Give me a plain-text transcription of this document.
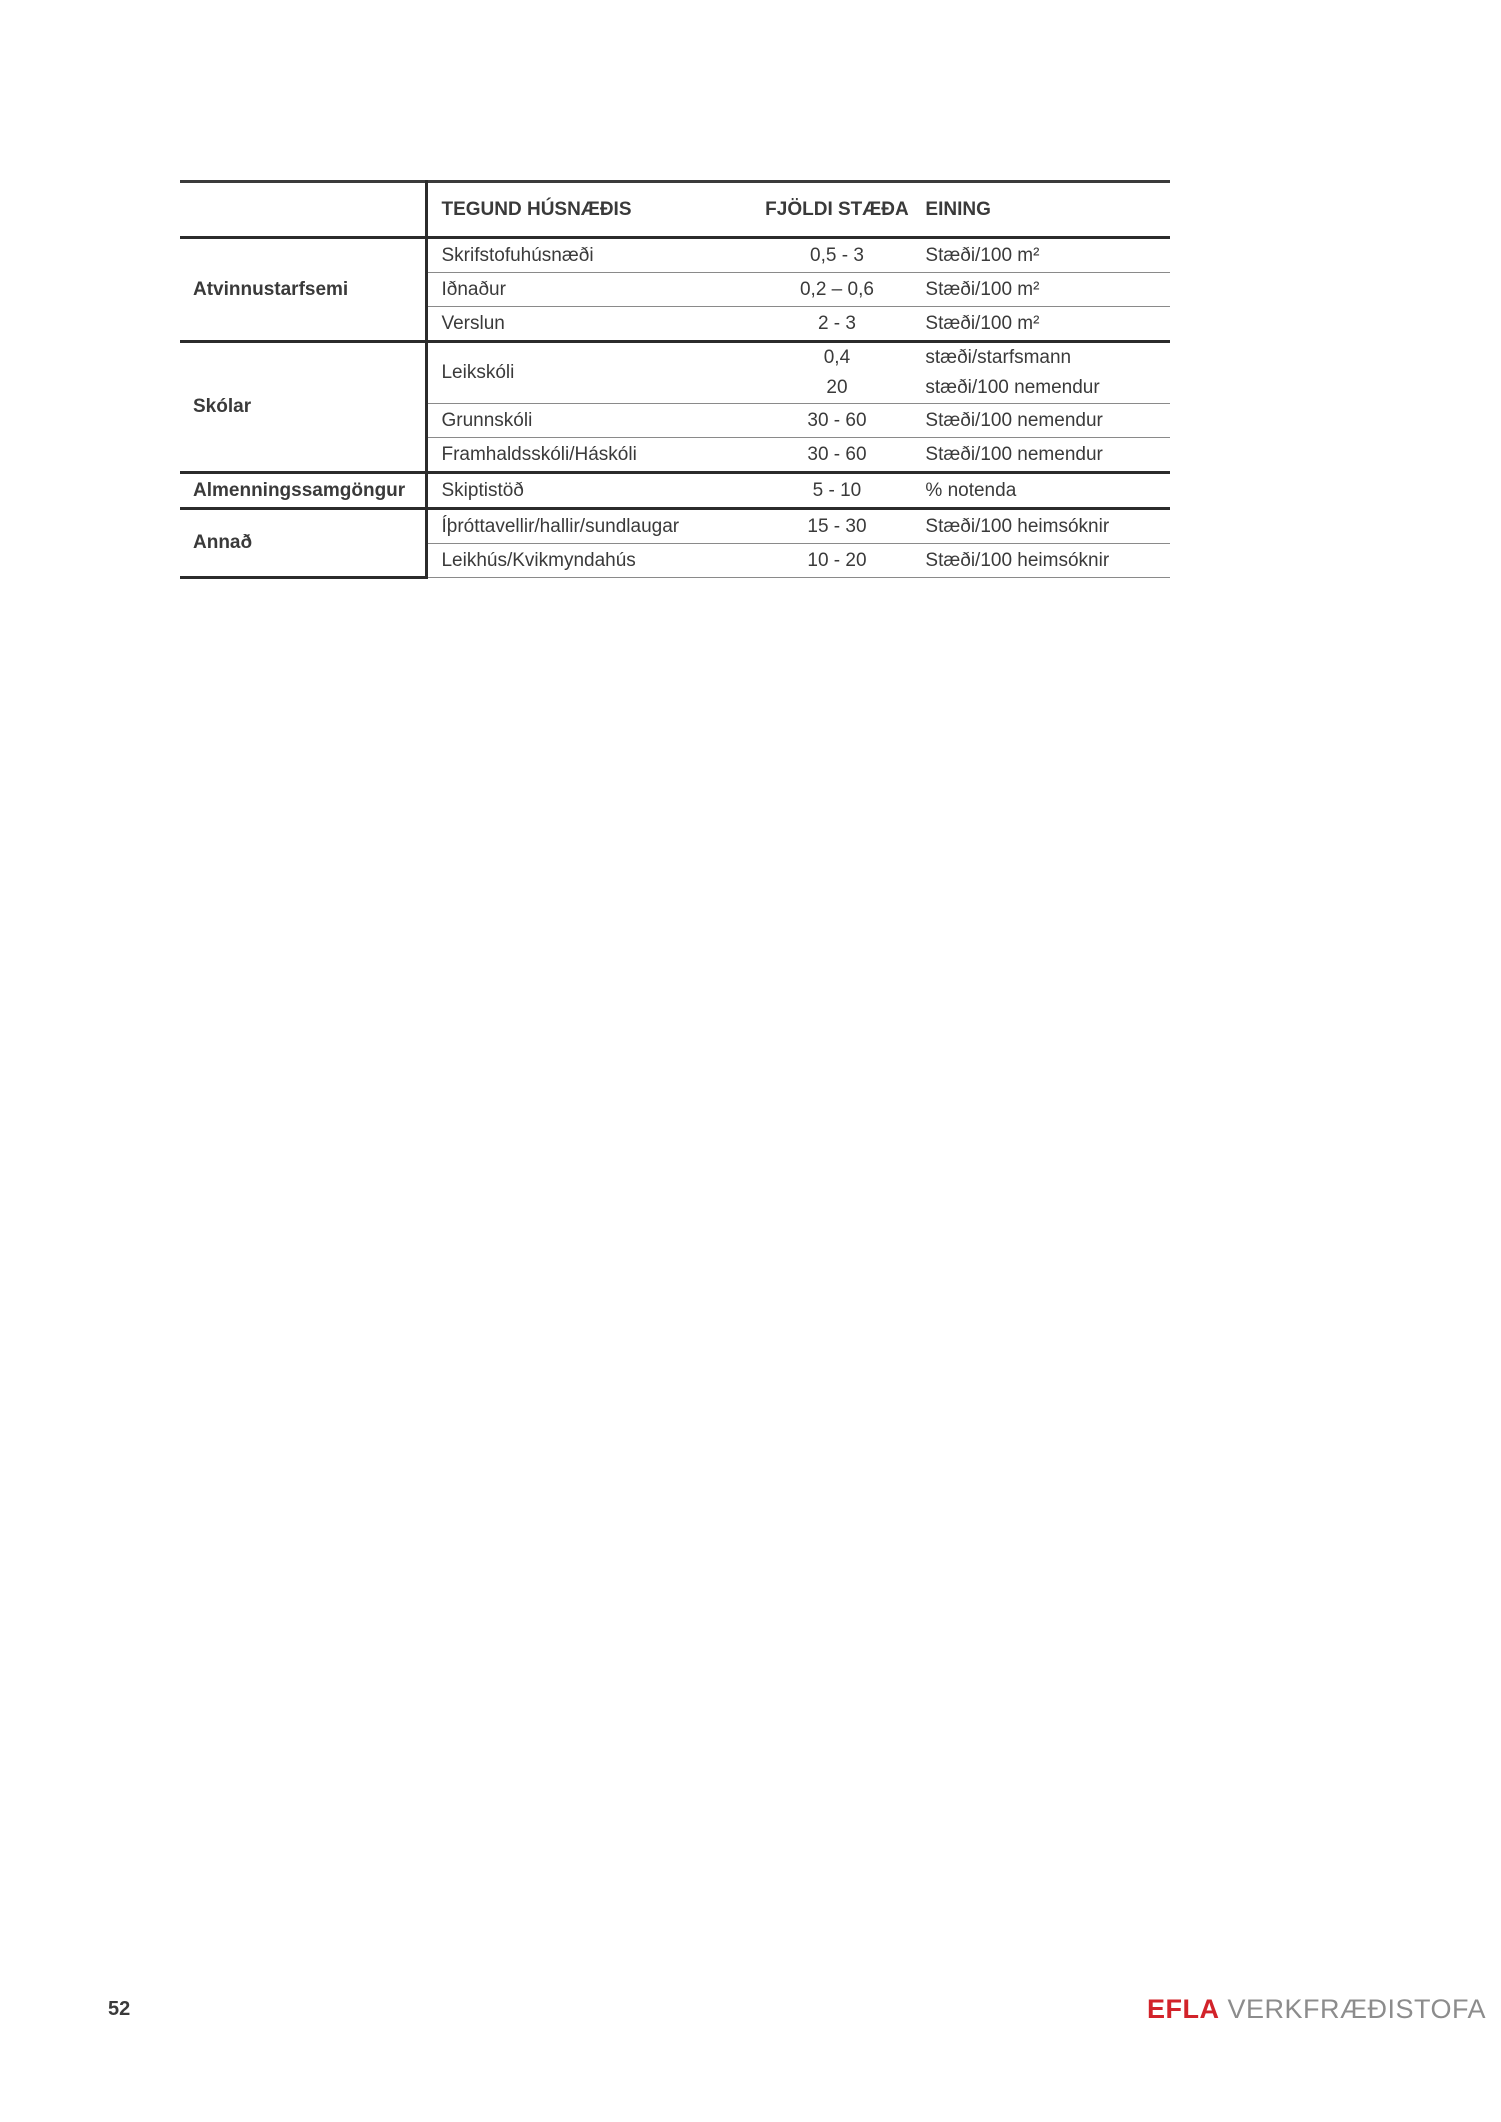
	TEGUND HÚSNÆÐIS	FJÖLDI STÆÐA	EINING
Atvinnustarfsemi	Skrifstofuhúsnæði	0,5 - 3	Stæði/100 m²
	Iðnaður	0,2 – 0,6	Stæði/100 m²
	Verslun	2 - 3	Stæði/100 m²
Skólar	Leikskóli	0,4	stæði/starfsmann
		20	stæði/100 nemendur
	Grunnskóli	30 - 60	Stæði/100 nemendur
	Framhaldsskóli/Háskóli	30 - 60	Stæði/100 nemendur
Almenningssamgöngur	Skiptistöð	5 - 10	% notenda
Annað	Íþróttavellir/hallir/sundlaugar	15 - 30	Stæði/100 heimsóknir
	Leikhús/Kvikmyndahús	10 - 20	Stæði/100 heimsóknir
52	EFLA VERKFRÆÐISTOFA
